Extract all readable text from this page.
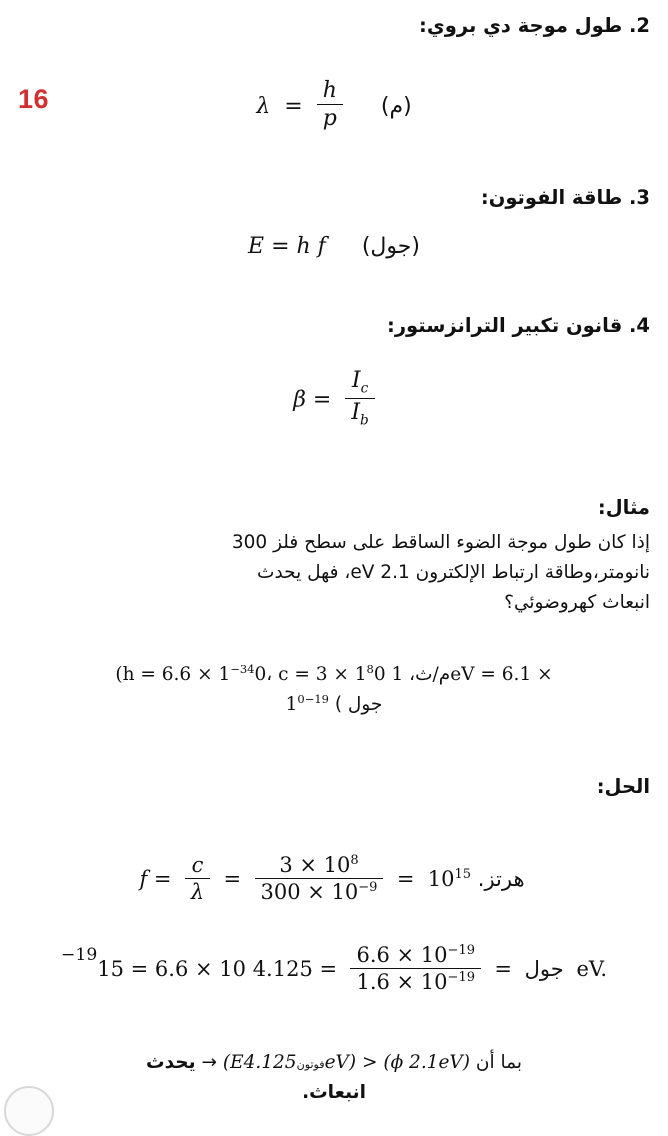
16
2. طول موجة دي بروي:
$\lambda = \frac{h}{p}$ (م)
3. طاقة الفوتون:
E = h f (جول)
4. قانون تكبير الترانزستور:
$\beta = \frac{I_c}{I_b}$
مثال:
إذا كان طول موجة الضوء الساقط على سطح فلز 300
نانومتر،وطاقة ارتباط الإلكترون eV 2.1، فهل يحدث
انبعاث كهروضوئي؟
($h = 6.6 \times 1^{-34}0،$ $c = 3 \times 1^80$ م/ث، 1eV = 6.1 ×
$1^{0-19}$ جول )
الحل:
$f = \frac{c}{\lambda} = \frac{3 \times 10^8}{300 \times 10^{-9}} = 10^{15}$ هرتز.
$^{-19}$15 = 6.6 × 10	جول =
$\frac{6.6 \times 10^{-19}}{1.6 \times 10^{-19}}$
= 4.125 eV.
بما أن (E	فوتون4.125eV) > (ϕ 2.1eV) → يحدث
انبعاث.
